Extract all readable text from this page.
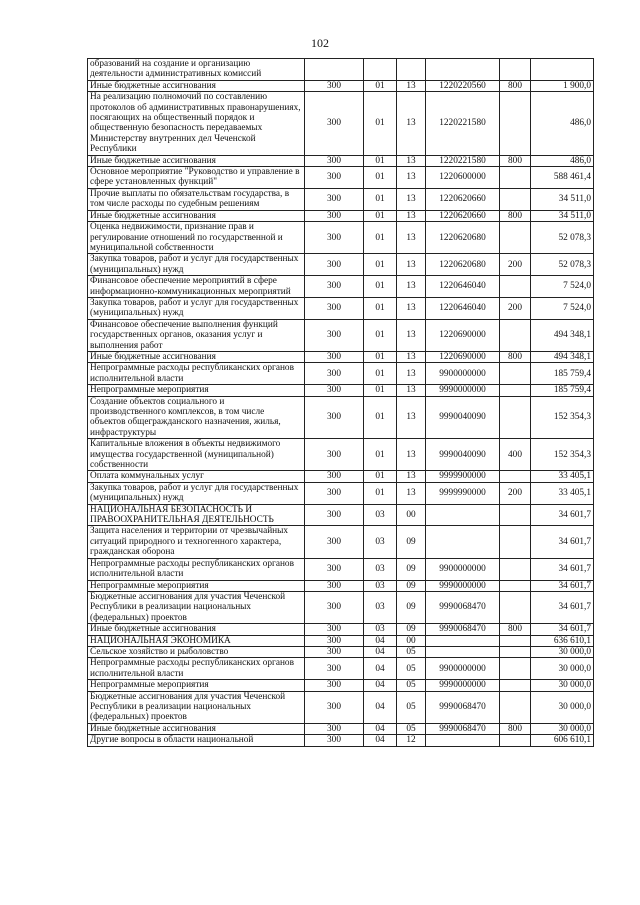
102
образований на создание и организацию деятельности административных комиссий						
Иные бюджетные ассигнования	300	01	13	1220220560	800	1 900,0
На реализацию полномочий по составлению протоколов об административных правонарушениях, посягающих на общественный порядок и общественную безопасность передаваемых Министерству внутренних дел Чеченской Республики	300	01	13	1220221580		486,0
Иные бюджетные ассигнования	300	01	13	1220221580	800	486,0
Основное мероприятие "Руководство и управление в сфере установленных функций"	300	01	13	1220600000		588 461,4
Прочие выплаты по обязательствам государства, в том числе расходы по судебным решениям	300	01	13	1220620660		34 511,0
Иные бюджетные ассигнования	300	01	13	1220620660	800	34 511,0
Оценка недвижимости, признание прав и регулирование отношений по государственной и муниципальной собственности	300	01	13	1220620680		52 078,3
Закупка товаров, работ и услуг для государственных (муниципальных) нужд	300	01	13	1220620680	200	52 078,3
Финансовое обеспечение мероприятий в сфере информационно-коммуникационных мероприятий	300	01	13	1220646040		7 524,0
Закупка товаров, работ и услуг для государственных (муниципальных) нужд	300	01	13	1220646040	200	7 524,0
Финансовое обеспечение выполнения функций государственных органов, оказания услуг и выполнения работ	300	01	13	1220690000		494 348,1
Иные бюджетные ассигнования	300	01	13	1220690000	800	494 348,1
Непрограммные расходы республиканских органов исполнительной власти	300	01	13	9900000000		185 759,4
Непрограммные мероприятия	300	01	13	9990000000		185 759,4
Создание объектов социального и производственного комплексов, в том числе объектов общегражданского назначения, жилья, инфраструктуры	300	01	13	9990040090		152 354,3
Капитальные вложения в объекты недвижимого имущества государственной (муниципальной) собственности	300	01	13	9990040090	400	152 354,3
Оплата коммунальных услуг	300	01	13	9999900000		33 405,1
Закупка товаров, работ и услуг для государственных (муниципальных) нужд	300	01	13	9999990000	200	33 405,1
НАЦИОНАЛЬНАЯ БЕЗОПАСНОСТЬ И ПРАВООХРАНИТЕЛЬНАЯ ДЕЯТЕЛЬНОСТЬ	300	03	00			34 601,7
Защита населения и территории от чрезвычайных ситуаций природного и техногенного характера, гражданская оборона	300	03	09			34 601,7
Непрограммные расходы республиканских органов исполнительной власти	300	03	09	9900000000		34 601,7
Непрограммные мероприятия	300	03	09	9990000000		34 601,7
Бюджетные ассигнования для участия Чеченской Республики в реализации национальных (федеральных) проектов	300	03	09	9990068470		34 601,7
Иные бюджетные ассигнования	300	03	09	9990068470	800	34 601,7
НАЦИОНАЛЬНАЯ ЭКОНОМИКА	300	04	00			636 610,1
Сельское хозяйство и рыболовство	300	04	05			30 000,0
Непрограммные расходы республиканских органов исполнительной власти	300	04	05	9900000000		30 000,0
Непрограммные мероприятия	300	04	05	9990000000		30 000,0
Бюджетные ассигнования для участия Чеченской Республики в реализации национальных (федеральных) проектов	300	04	05	9990068470		30 000,0
Иные бюджетные ассигнования	300	04	05	9990068470	800	30 000,0
Другие вопросы в области национальной	300	04	12			606 610,1
